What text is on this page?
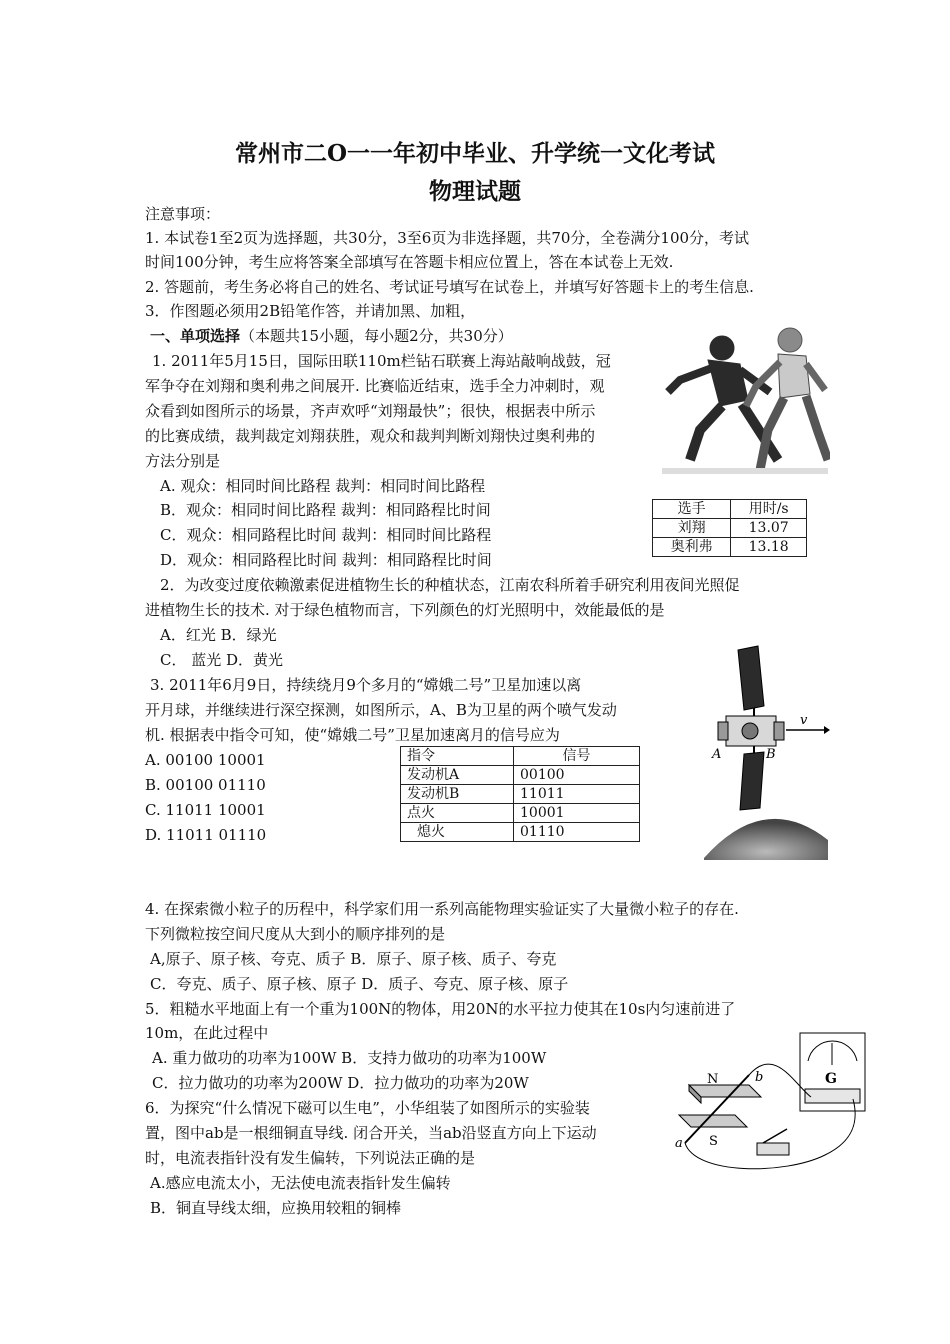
常州市二O一一年初中毕业、升学统一文化考试
物理试题
注意事项：
1. 本试卷1至2页为选择题，共30分，3至6页为非选择题，共70分，全卷满分100分，考试
时间100分钟，考生应将答案全部填写在答题卡相应位置上，答在本试卷上无效.
2. 答题前，考生务必将自己的姓名、考试证号填写在试卷上，并填写好答题卡上的考生信息.
3．作图题必须用2B铅笔作答，并请加黑、加粗，
一、单项选择（本题共15小题，每小题2分，共30分）
1. 2011年5月15日，国际田联110m栏钻石联赛上海站敲响战鼓，冠
军争夺在刘翔和奥利弗之间展开. 比赛临近结束，选手全力冲刺时，观
众看到如图所示的场景，齐声欢呼“刘翔最快”；很快，根据表中所示
的比赛成绩，裁判裁定刘翔获胜，观众和裁判判断刘翔快过奥利弗的
方法分别是
A. 观众：相同时间比路程 裁判：相同时间比路程
B．观众：相同时间比路程 裁判：相同路程比时间
C．观众：相同路程比时间 裁判：相同时间比路程
D．观众：相同路程比时间 裁判：相同路程比时间
选手	用时/s
刘翔	13.07
奥利弗	13.18
2．为改变过度依赖激素促进植物生长的种植状态，江南农科所着手研究利用夜间光照促
进植物生长的技术. 对于绿色植物而言，下列颜色的灯光照明中，效能最低的是
A．红光 B．绿光
C． 蓝光 D．黄光
3. 2011年6月9日，持续绕月9个多月的“嫦娥二号”卫星加速以离
开月球，并继续进行深空探测，如图所示，A、B为卫星的两个喷气发动
机. 根据表中指令可知，使“嫦娥二号”卫星加速离月的信号应为
A. 00100 10001
B. 00100 01110
C. 11011 10001
D. 11011 01110
指令	信号
发动机A	00100
发动机B	11011
点火	10001
熄火	01110
v
A	B
4. 在探索微小粒子的历程中，科学家们用一系列高能物理实验证实了大量微小粒子的存在.
下列微粒按空间尺度从大到小的顺序排列的是
A,原子、原子核、夸克、质子 B．原子、原子核、质子、夸克
C．夸克、质子、原子核、原子 D．质子、夸克、原子核、原子
5．粗糙水平地面上有一个重为100N的物体，用20N的水平拉力使其在10s内匀速前进了
10m，在此过程中
A. 重力做功的功率为100W B．支持力做功的功率为100W
C．拉力做功的功率为200W D．拉力做功的功率为20W
6．为探究“什么情况下磁可以生电”，小华组装了如图所示的实验装
置，图中ab是一根细铜直导线. 闭合开关，当ab沿竖直方向上下运动
时，电流表指针没有发生偏转，下列说法正确的是
A.感应电流太小，无法使电流表指针发生偏转
B．铜直导线太细，应换用较粗的铜棒
N
S
b
a
G
